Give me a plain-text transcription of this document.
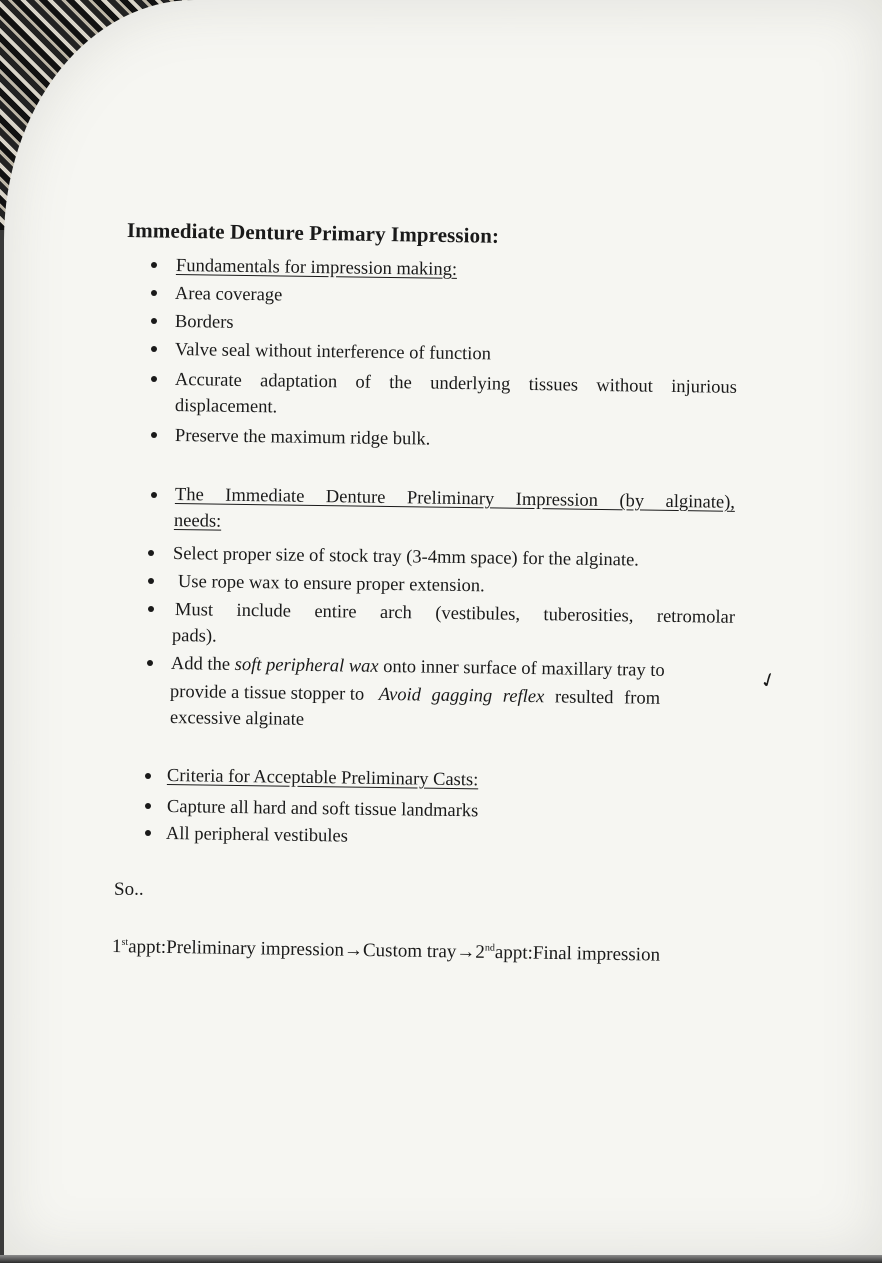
Immediate Denture Primary Impression:
Fundamentals for impression making:
Area coverage
Borders
Valve seal without interference of function
Accurate adaptation of the underlying tissues without injurious
displacement.
Preserve the maximum ridge bulk.
The Immediate Denture Preliminary Impression (by alginate),
needs:
Select proper size of stock tray (3-4mm space) for the alginate.
Use rope wax to ensure proper extension.
Must include entire arch (vestibules, tuberosities, retromolar
pads).
Add the soft peripheral wax onto inner surface of maxillary tray to
provide a tissue stopper to Avoid gagging reflex resulted from
excessive alginate
✓
Criteria for Acceptable Preliminary Casts:
Capture all hard and soft tissue landmarks
All peripheral vestibules
So..
1stappt:Preliminary impression→Custom tray→2ndappt:Final impression
